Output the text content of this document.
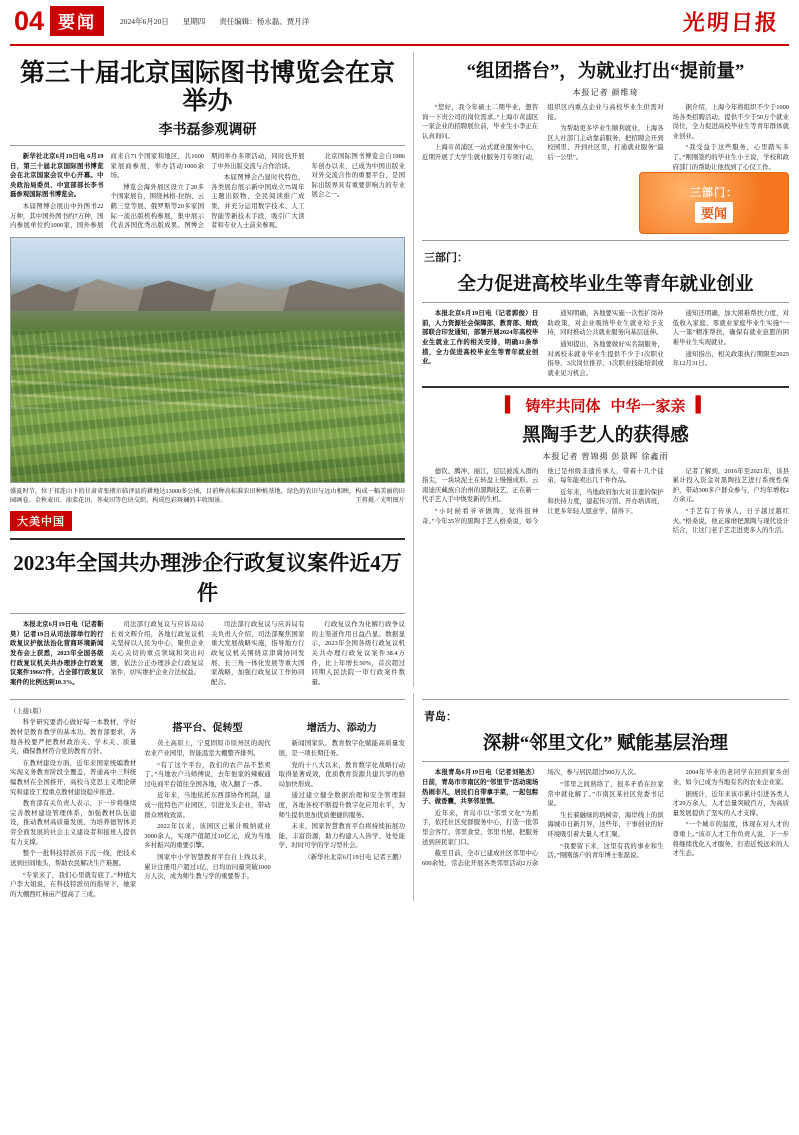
04 要闻	2024年6月20日 星期四 责任编辑：杨永磊、贾月洋	光明日报
第三十届北京国际图书博览会在京举办
李书磊参观调研

新华社北京6月19日电 6月19日，第三十届北京国际图书博览会在北京国家会议中心开幕。中央政治局委员、中宣部部长李书磊参观国际图书博览会。

本届图博会展出中外图书22万种，其中国外图书约7万种，国内参展单位约1000家，国外参展商来自71个国家和地区，共1600家展商参展，举办活动1000余场。

博览会海外展区设立了20多个国家展台，围绕林格·拉纳、云鹤三堂等展、俄罗斯等20多家国际一流出版机构参展，集中展示代表各国优秀出版成果。图博会期间举办多项活动，同时也开展了中外出版交流与合作洽谈。

本届图博会凸显时代特色，各类展台展示新中国成立75周年主题出版物、全民阅读推广成果，并充分运用数字技术、人工智能等新技术手段，吸引广大读者和专业人士前来参观。

北京国际图书博览会自1986年创办以来，已成为中国出版业对外交流合作的重要平台，是国际出版界具有重要影响力的专业展会之一。

盛夏时节，位于祁连山下的甘肃省张掖市临泽县的耕地达13000多公顷，目前种高标准农田种植基地，绿色的农田与远山相映，构成一幅美丽的田园画卷。金秋麦田、油菜花田、荞麦田等色块交织，构成色彩斑斓的丰收图景。	王将摄／光明图片
大美中国
2023年全国共办理涉企行政复议案件近4万件

本报北京6月19日电（记者靳昊）记者19日从司法部举行的行政复议护航法治化营商环境新闻发布会上获悉，2023年全国各级行政复议机关共办理涉企行政复议案件39667件，占全部行政复议案件的比例达到10.3%。

司法部行政复议与应诉局局长刘文辉介绍，各地行政复议机关坚持以人民为中心，聚焦企业关心关切的重点领域和突出问题，依法公正办理涉企行政复议案件，切实维护企业合法权益。

司法部行政复议与应诉局有关负责人介绍，司法部聚焦国家重大发展战略实施，指导地方行政复议机关围绕京津冀协同发展、长三角一体化发展等重大国家战略，加强行政复议工作协同配合。

行政复议作为化解行政争议的主渠道作用日益凸显。数据显示，2023年全国各级行政复议机关共办理行政复议案件38.4万件，比上年增长50%，首次超过同期人民法院一审行政案件数量。

“组团搭台”，为就业打出“提前量”
本报记者 颜维琦

“您好，我今年硕士二期毕业，想咨询一下贵公司的岗位需求。”上海市黄浦区一家企业的招聘展位前，毕业生小李正在认真询问。

上海市黄浦区一站式就业服务中心，近期开展了大学生就业服务月专项行动，组织区内重点企业与高校毕业生供需对接。

为帮助更多毕业生顺利就业，上海各区人社部门主动靠前服务，把招聘会开到校园里、开到社区里，打通就业服务“最后一公里”。

据介绍，上海今年将组织不少于1000场各类招聘活动，提供不少于50万个就业岗位，全力促进高校毕业生等青年群体就业创业。

“我受益于这些服务，心里踏实多了。”刚刚签约的毕业生小王说，学校和政府部门的帮助让他找到了心仪工作。

三部门：
要闻
三部门：
全力促进高校毕业生等青年就业创业

本报北京6月19日电（记者郭俊）日前，人力资源社会保障部、教育部、财政部联合印发通知，部署开展2024年高校毕业生就业工作的相关安排，明确11条举措，全力促进高校毕业生等青年就业创业。

通知明确，各地要实施一次性扩岗补助政策，对企业吸纳毕业生就业给予支持，同时推动公共就业服务向基层延伸。

通知提出，各地要做好实名制服务，对离校未就业毕业生提供不少于1次职业指导、3次岗位推荐、1次职业技能培训或就业见习机会。

通知还明确，加大困难帮扶力度，对低收入家庭、零就业家庭毕业生实施“一人一策”精准帮扶，确保有就业意愿的困难毕业生实现就业。

通知指出，相关政策执行期限至2025年12月31日。

▌ 铸牢共同体 中华一家亲 ▌
黑陶手艺人的获得感
本报记者 曾锦揚 彭景晖 徐鑫雨

德钦、腾冲、丽江，层层被流入群的指尖，一块块泥土在转盘上慢慢成形。云南迪庆藏族自治州的黑陶技艺，正在新一代手艺人手中焕发新的生机。

“小时候看爷爷做陶，觉得很神奇。”今年35岁的黑陶手艺人格桑说，如今他已是州级非遗传承人，带着十几个徒弟，每年能卖出几千件作品。

近年来，当地政府加大对非遗的保护和扶持力度，建起传习馆、开办培训班，让更多年轻人愿意学、留得下。

记者了解到，2016年至2021年，该县累计投入资金对黑陶技艺进行系统性保护，带动300多户群众参与，户均年增收2万余元。

“手艺有了传承人，日子越过越红火。”格桑说，他正琢磨把黑陶与现代设计结合，让这门老手艺走进更多人的生活。

（上接1版）

科学研究要潜心做好每一本教材，学好教材是教育教学的基本功。教育部要求，各地各校要严把教材政治关、学术关、质量关，确保教材符合党的教育方针。

在教材建设方面，近年来国家统编教材实现义务教育阶段全覆盖，普通高中三科统编教材在全国推开，高校马克思主义理论研究和建设工程重点教材建设稳步推进。

教育部有关负责人表示，下一步将继续完善教材建设管理体系，加强教材队伍建设，推动教材高质量发展，为培养德智体美劳全面发展的社会主义建设者和接班人提供有力支撑。

整个一批科技特派员下沉一线，把技术送到田间地头，帮助农民解决生产难题。

“专家来了，我们心里就有底了。”种植大户李大姐说，在科技特派员的指导下，她家的大棚西红柿亩产提高了三成。

搭平台、促转型

黄土高原上，宁夏固原市原州区的现代农业产业园里，智能温室大棚整齐排列。

“有了这个平台，我们的农产品不愁卖了。”当地农户马师傅说，去年他家的辣椒通过电商平台销往全国各地，收入翻了一番。

近年来，当地依托东西部协作机制，建成一批特色产业园区，引进龙头企业，带动群众增收致富。

2022年以来，该园区已累计吸纳就业3000余人，实现产值超过10亿元，成为当地乡村振兴的重要引擎。

国家中小学智慧教育平台自上线以来，累计注册用户超过1亿，日均访问量突破1000万人次，成为师生教与学的重要帮手。

增活力、添动力

新闻国家队，教育数字化赋能高质量发展，是一项长期任务。

党的十八大以来，教育数字化战略行动取得显著成效，优质教育资源共建共享的格局加快形成。

通过建立健全数据治理和安全管理制度，各地各校不断提升数字化应用水平，为师生提供更加优质便捷的服务。

未来，国家智慧教育平台将持续拓展功能、丰富资源，助力构建人人皆学、处处能学、时时可学的学习型社会。

（新华社北京6月19日电 记者王鹏）
青岛：
深耕“邻里文化” 赋能基层治理

本报青岛6月19日电（记者刘艳杰）日前，青岛市市南区的“邻里节”活动现场热闹非凡，居民们自带拿手菜，一起包粽子、做香囊，共享邻里情。

近年来，青岛市以“邻里文化”为抓手，依托社区党群服务中心，打造一批邻里会客厅、邻里食堂、邻里书屋，把服务送到居民家门口。

截至目前，全市已建成社区邻里中心600余处，常态化开展各类邻里活动2万余场次，参与居民超过500万人次。

“邻里之间熟络了，很多矛盾在拉家常中就化解了。”市南区某社区党委书记说。

生长着融绿的培树旁，海岸线上的滨海城市日新月异，这些年，干事创业的好环境吸引着大量人才汇聚。

“我要留下来，这里有我的事业和生活。”刚刚落户的青年博士张磊说。

2004年毕业的老同学在回到家乡创业，如今已成为当地有名的农业企业家。

据统计，近年来该市累计引进各类人才20万余人，人才总量突破百万，为高质量发展提供了坚实的人才支撑。

“一个城市的温度，体现在对人才的尊重上。”该市人才工作负责人说，下一步将继续优化人才服务，打造近悦远来的人才生态。
